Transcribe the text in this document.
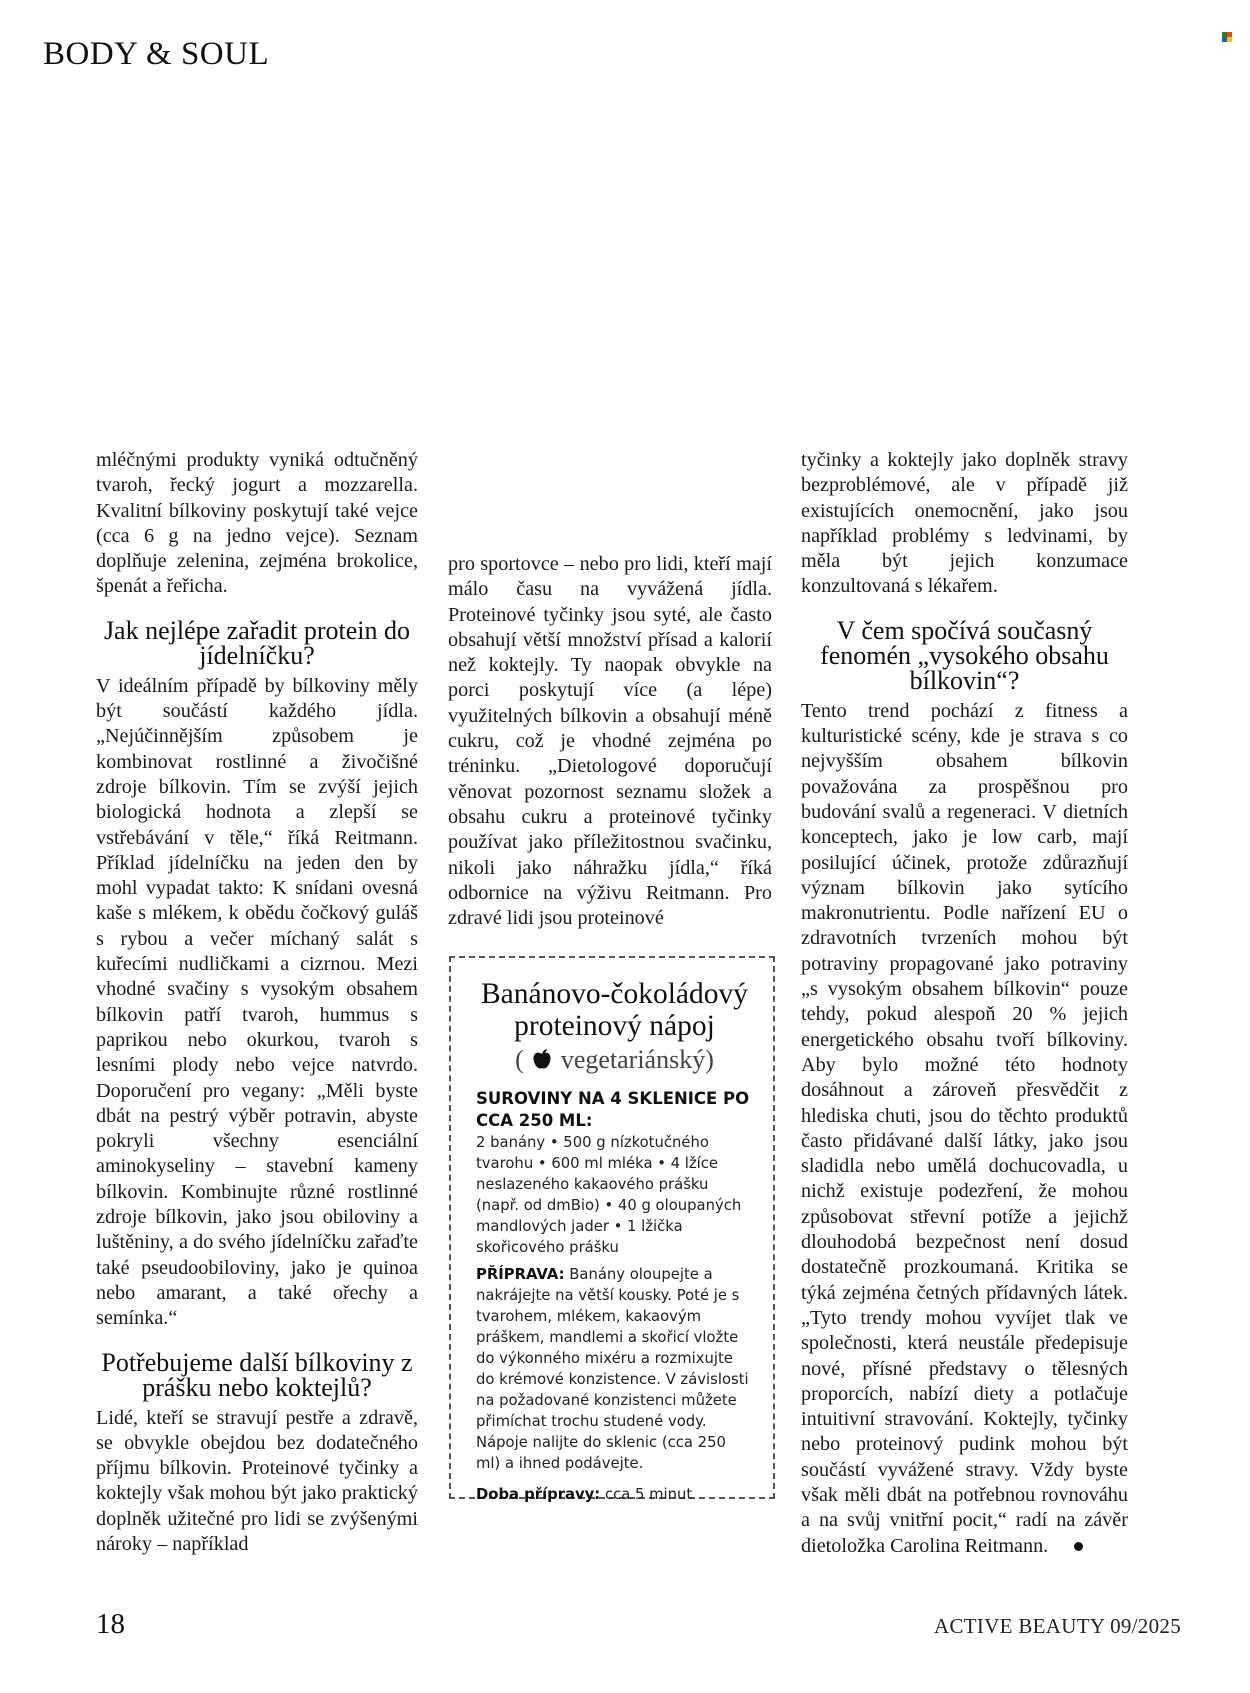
BODY & SOUL

mléčnými produkty vyniká odtučněný tvaroh, řecký jogurt a mozzarella. Kvalitní bílkoviny poskytují také vejce (cca 6 g na jedno vejce). Seznam doplňuje zelenina, zejména brokolice, špenát a řeřicha.

Jak nejlépe zařadit protein do jídelníčku?

V ideálním případě by bílkoviny měly být součástí každého jídla. „Nejúčinnějším způsobem je kombinovat rostlinné a živočišné zdroje bílkovin. Tím se zvýší jejich biologická hodnota a zlepší se vstřebávání v těle,“ říká Reitmann. Příklad jídelníčku na jeden den by mohl vypadat takto: K snídani ovesná kaše s mlékem, k obědu čočkový guláš s rybou a večer míchaný salát s kuřecími nudličkami a cizrnou. Mezi vhodné svačiny s vysokým obsahem bílkovin patří tvaroh, hummus s paprikou nebo okurkou, tvaroh s lesními plody nebo vejce natvrdo. Doporučení pro vegany: „Měli byste dbát na pestrý výběr potravin, abyste pokryli všechny esenciální aminokyseliny – stavební kameny bílkovin. Kombinujte různé rostlinné zdroje bílkovin, jako jsou obiloviny a luštěniny, a do svého jídelníčku zařaďte také pseudoobiloviny, jako je quinoa nebo amarant, a také ořechy a semínka.“

Potřebujeme další bílkoviny z prášku nebo koktejlů?

Lidé, kteří se stravují pestře a zdravě, se obvykle obejdou bez dodatečného příjmu bílkovin. Proteinové tyčinky a koktejly však mohou být jako praktický doplněk užitečné pro lidi se zvýšenými nároky – například

pro sportovce – nebo pro lidi, kteří mají málo času na vyvážená jídla. Proteinové tyčinky jsou syté, ale často obsahují větší množství přísad a kalorií než koktejly. Ty naopak obvykle na porci poskytují více (a lépe) využitelných bílkovin a obsahují méně cukru, což je vhodné zejména po tréninku. „Dietologové doporučují věnovat pozornost seznamu složek a obsahu cukru a proteinové tyčinky používat jako příležitostnou svačinku, nikoli jako náhražku jídla,“ říká odbornice na výživu Reitmann. Pro zdravé lidi jsou proteinové

Banánovo-čokoládový proteinový nápoj
( vegetariánský)
SUROVINY NA 4 SKLENICE PO CCA 250 ML:

2 banány • 500 g nízkotučného tvarohu • 600 ml mléka • 4 lžíce neslazeného kakaového prášku (např. od dmBio) • 40 g oloupaných mandlových jader • 1 lžička skořicového prášku

PŘÍPRAVA: Banány oloupejte a nakrájejte na větší kousky. Poté je s tvarohem, mlékem, kakaovým práškem, mandlemi a skořicí vložte do výkonného mixéru a rozmixujte do krémové konzistence. V závislosti na požadované konzistenci můžete přimíchat trochu studené vody. Nápoje nalijte do sklenic (cca 250 ml) a ihned podávejte.

Doba přípravy: cca 5 minut

tyčinky a koktejly jako doplněk stravy bezproblémové, ale v případě již existujících onemocnění, jako jsou například problémy s ledvinami, by měla být jejich konzumace konzultovaná s lékařem.

V čem spočívá současný fenomén „vysokého obsahu bílkovin“?

Tento trend pochází z fitness a kulturistické scény, kde je strava s co nejvyšším obsahem bílkovin považována za prospěšnou pro budování svalů a regeneraci. V dietních konceptech, jako je low carb, mají posilující účinek, protože zdůrazňují význam bílkovin jako sytícího makronutrientu. Podle nařízení EU o zdravotních tvrzeních mohou být potraviny propagované jako potraviny „s vysokým obsahem bílkovin“ pouze tehdy, pokud alespoň 20 % jejich energetického obsahu tvoří bílkoviny. Aby bylo možné této hodnoty dosáhnout a zároveň přesvědčit z hlediska chuti, jsou do těchto produktů často přidávané další látky, jako jsou sladidla nebo umělá dochucovadla, u nichž existuje podezření, že mohou způsobovat střevní potíže a jejichž dlouhodobá bezpečnost není dosud dostatečně prozkoumaná. Kritika se týká zejména četných přídavných látek. „Tyto trendy mohou vyvíjet tlak ve společnosti, která neustále předepisuje nové, přísné představy o tělesných proporcích, nabízí diety a potlačuje intuitivní stravování. Koktejly, tyčinky nebo proteinový pudink mohou být součástí vyvážené stravy. Vždy byste však měli dbát na potřebnou rovnováhu a na svůj vnitřní pocit,“ radí na závěr dietoložka Carolina Reitmann.

18	ACTIVE BEAUTY 09/2025
